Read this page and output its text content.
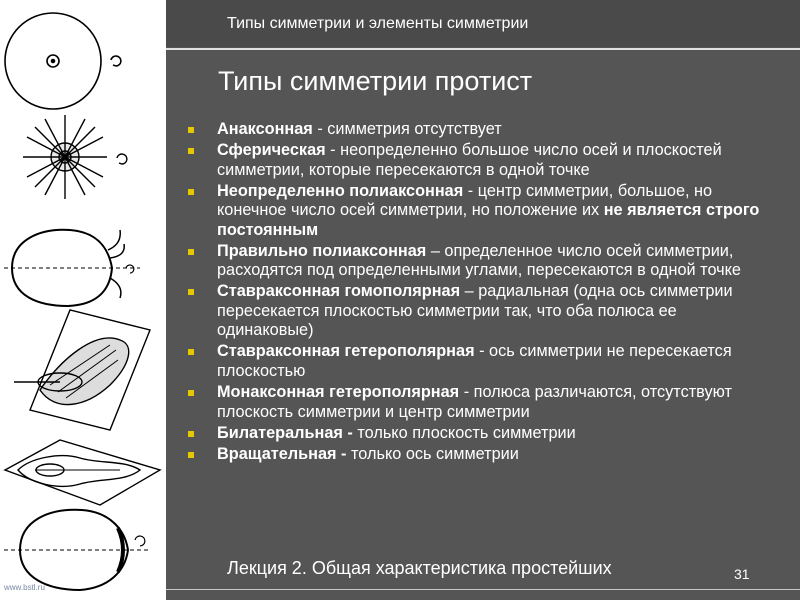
www.bstl.ru
Типы симметрии и элементы симметрии
Типы симметрии протист
Анаксонная - симметрия отсутствует
Сферическая - неопределенно большое число осей и плоскостей симметрии, которые пересекаются в одной точке
Неопределенно полиаксонная - центр симметрии, большое, но конечное число осей симметрии, но положение их не является строго постоянным
Правильно полиаксонная – определенное число осей симметрии, расходятся под определенными углами, пересекаются в одной точке
Ставраксонная гомополярная – радиальная (одна ось симметрии пересекается плоскостью симметрии так, что оба полюса ее одинаковые)
Ставраксонная гетерополярная - ось симметрии не пересекается плоскостью
Монаксонная гетерополярная - полюса различаются, отсутствуют плоскость симметрии и центр симметрии
Билатеральная - только плоскость симметрии
Вращательная - только ось симметрии
Лекция 2. Общая характеристика простейших	31
